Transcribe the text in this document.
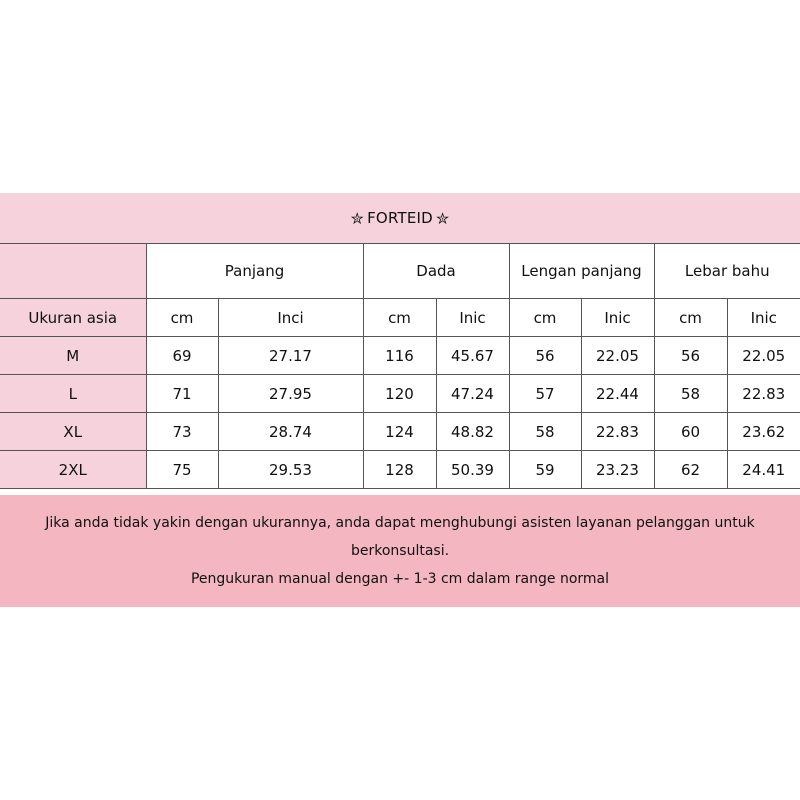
✮ FORTEID ✮
	Panjang		Dada		Lengan panjang		Lebar bahu	
Ukuran asia	cm	Inci	cm	Inic	cm	Inic	cm	Inic
M	69	27.17	116	45.67	56	22.05	56	22.05
L	71	27.95	120	47.24	57	22.44	58	22.83
XL	73	28.74	124	48.82	58	22.83	60	23.62
2XL	75	29.53	128	50.39	59	23.23	62	24.41
Jika anda tidak yakin dengan ukurannya, anda dapat menghubungi asisten layanan pelanggan untuk
berkonsultasi.
Pengukuran manual dengan +- 1-3 cm dalam range normal
